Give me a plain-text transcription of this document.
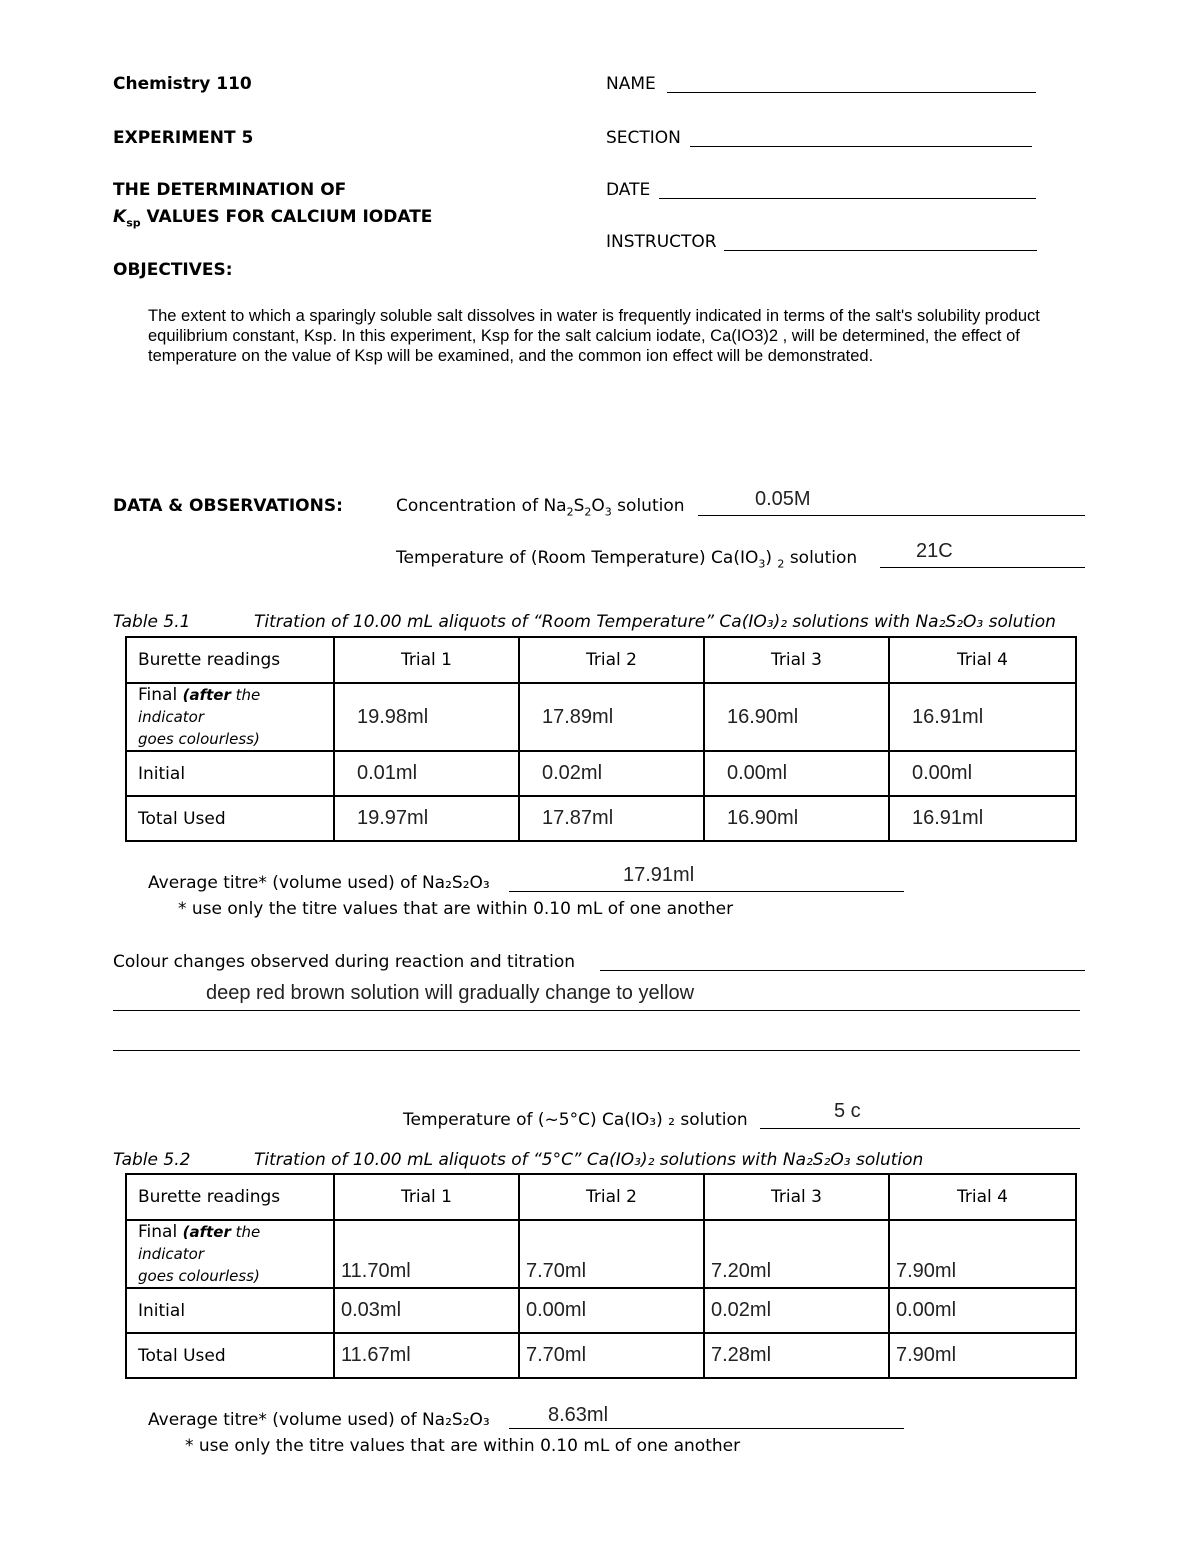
Chemistry 110
EXPERIMENT 5
THE DETERMINATION OF
$K_{sp}$ VALUES FOR CALCIUM IODATE
NAME
SECTION
DATE
INSTRUCTOR
OBJECTIVES:
The extent to which a sparingly soluble salt dissolves in water is frequently indicated in terms of the salt's solubility product equilibrium constant, Ksp. In this experiment, Ksp for the salt calcium iodate, Ca(IO3)2 , will be determined, the effect of temperature on the value of Ksp will be examined, and the common ion effect will be demonstrated.
DATA & OBSERVATIONS:	Concentration of $Na_2S_2O_3$ solution	0.05M
Temperature of (Room Temperature) $Ca(IO_3)$ $_2$ solution	21C
Table 5.1	Titration of 10.00 mL aliquots of “Room Temperature” Ca(IO₃)₂ solutions with Na₂S₂O₃ solution
Burette readings	Trial 1	Trial 2	Trial 3	Trial 4
Final (after the indicator
goes colourless)	19.98ml	17.89ml	16.90ml	16.91ml
Initial	0.01ml	0.02ml	0.00ml	0.00ml
Total Used	19.97ml	17.87ml	16.90ml	16.91ml
Average titre* (volume used) of Na₂S₂O₃	17.91ml
* use only the titre values that are within 0.10 mL of one another
Colour changes observed during reaction and titration
deep red brown solution will gradually change to yellow
Temperature of (~5°C) Ca(IO₃) ₂ solution	5 c
Table 5.2	Titration of 10.00 mL aliquots of “5°C” Ca(IO₃)₂ solutions with Na₂S₂O₃ solution
Burette readings	Trial 1	Trial 2	Trial 3	Trial 4
Final (after the indicator
goes colourless)	11.70ml	7.70ml	7.20ml	7.90ml
Initial	0.03ml	0.00ml	0.02ml	0.00ml
Total Used	11.67ml	7.70ml	7.28ml	7.90ml
Average titre* (volume used) of Na₂S₂O₃	8.63ml
* use only the titre values that are within 0.10 mL of one another
